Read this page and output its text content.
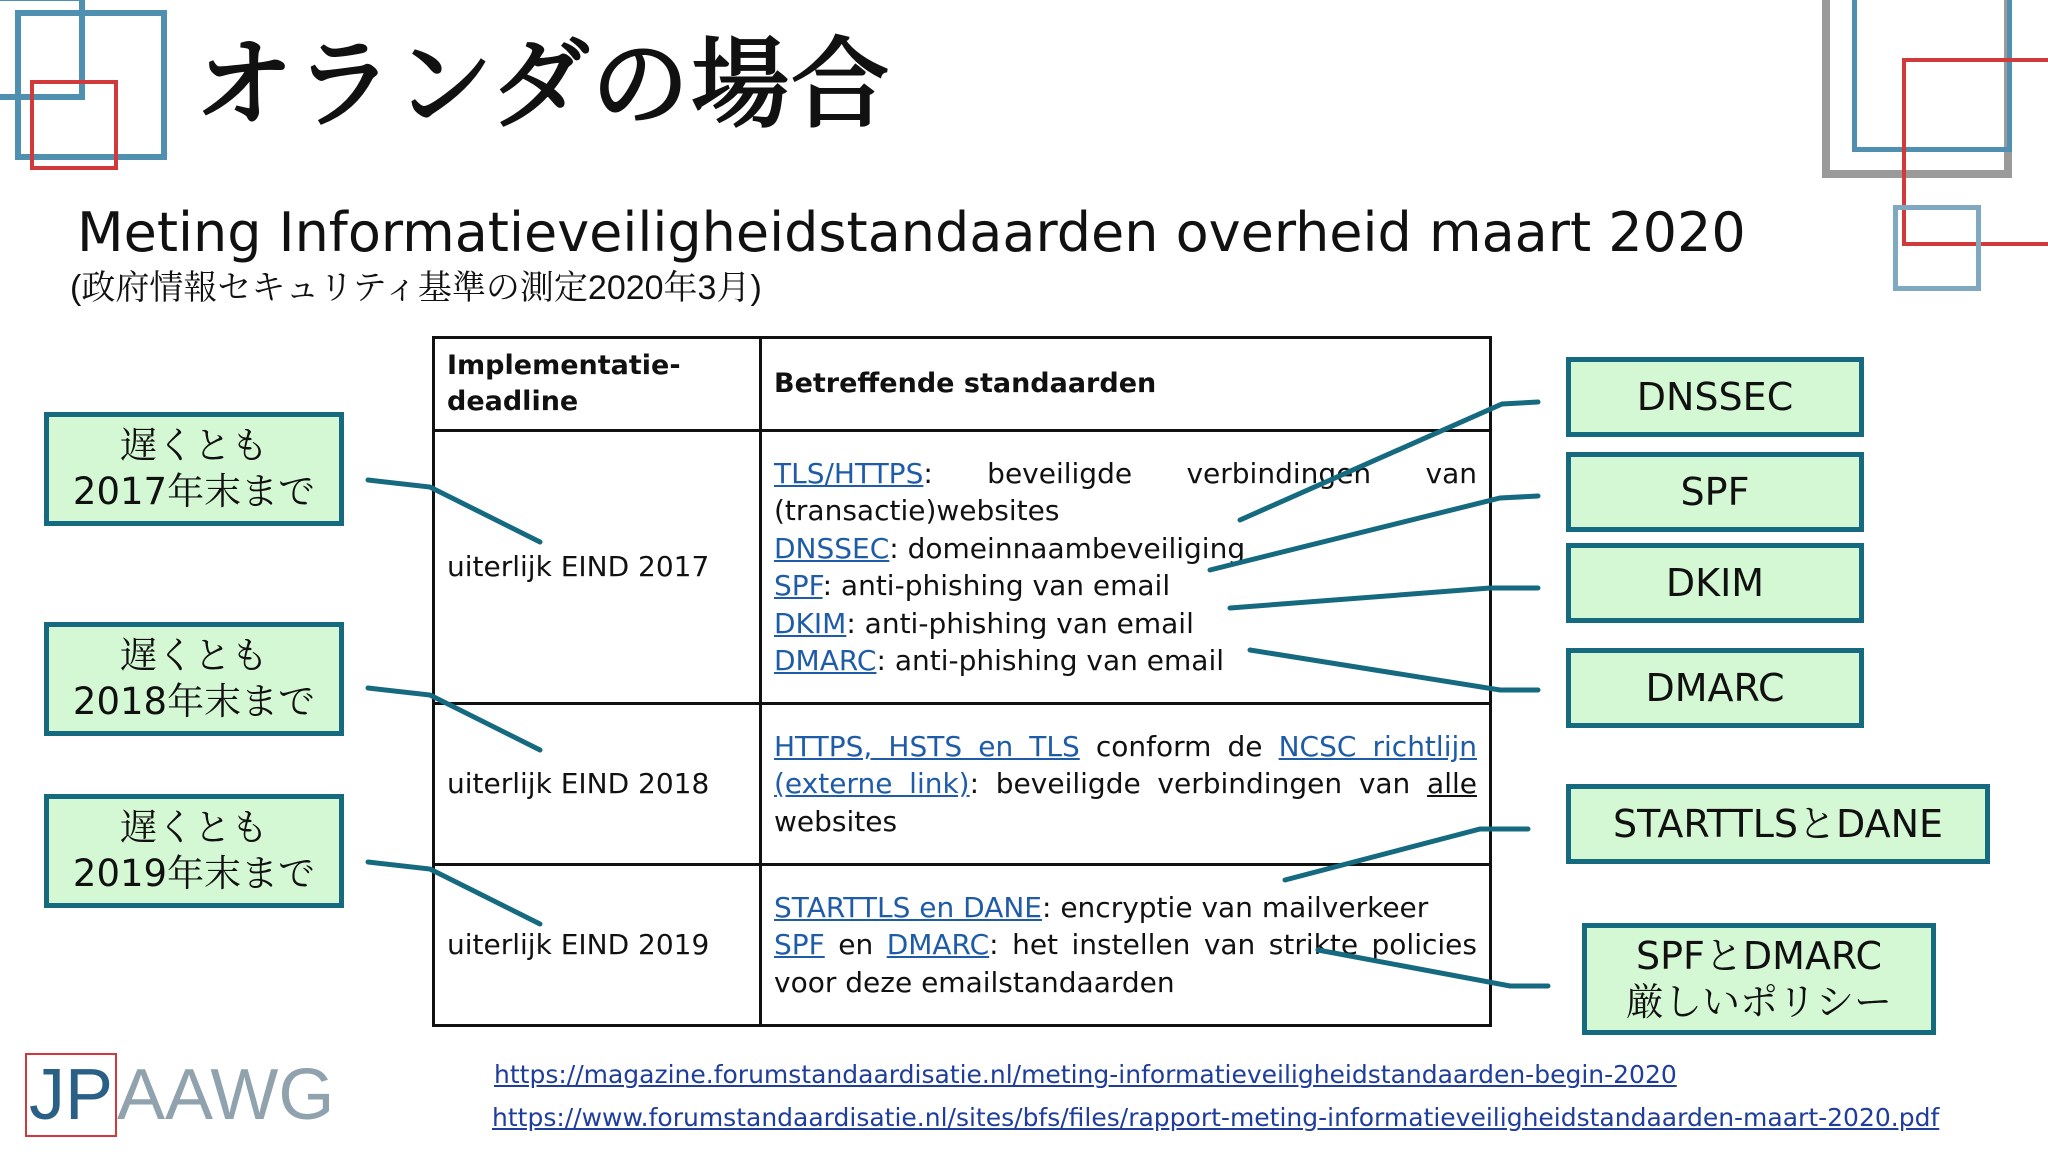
オランダの場合
Meting Informatieveiligheidstandaarden overheid maart 2020
(政府情報セキュリティ基準の測定2020年3月)
Implementatie-deadline	Betreffende standaarden
uiterlijk EIND 2017	TLS/HTTPS: beveiligde verbindingen van (transactie)websites
DNSSEC: domeinnaambeveiliging
SPF: anti-phishing van email
DKIM: anti-phishing van email
DMARC: anti-phishing van email

uiterlijk EIND 2018	HTTPS, HSTS en TLS conform de NCSC richtlijn (externe link): beveiligde verbindingen van alle websites

uiterlijk EIND 2019	STARTTLS en DANE: encryptie van mailverkeer
SPF en DMARC: het instellen van strikte policies voor deze emailstandaarden
遅くとも
2017年末まで
遅くとも
2018年末まで
遅くとも
2019年末まで
DNSSEC
SPF
DKIM
DMARC
STARTTLSとDANE
SPFとDMARC
厳しいポリシー
https://magazine.forumstandaardisatie.nl/meting-informatieveiligheidstandaarden-begin-2020
https://www.forumstandaardisatie.nl/sites/bfs/files/rapport-meting-informatieveiligheidstandaarden-maart-2020.pdf
JPAAWG
